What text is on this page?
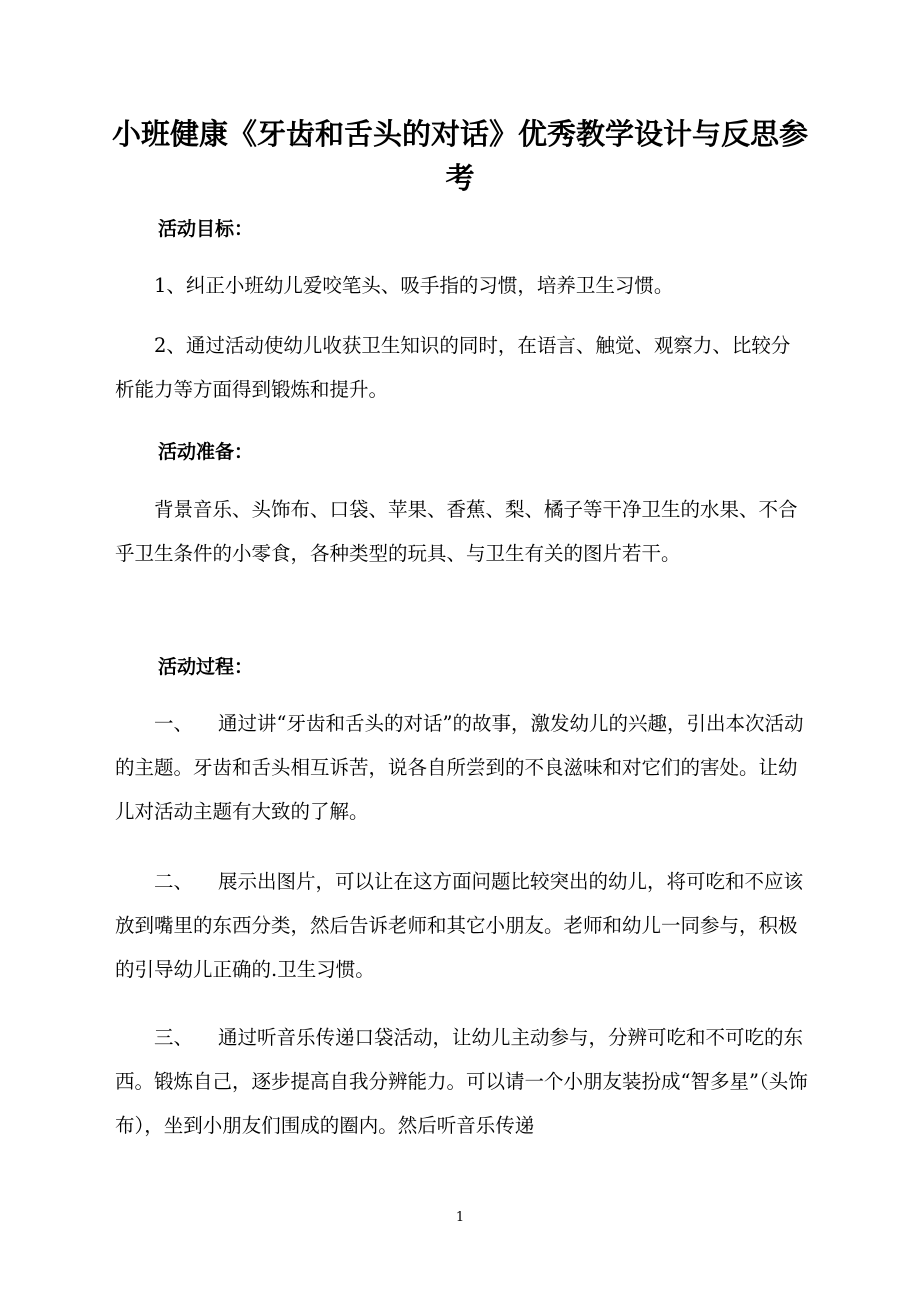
小班健康《牙齿和舌头的对话》优秀教学设计与反思参考
活动目标：

1、纠正小班幼儿爱咬笔头、吸手指的习惯，培养卫生习惯。

2、通过活动使幼儿收获卫生知识的同时，在语言、触觉、观察力、比较分析能力等方面得到锻炼和提升。

活动准备：

背景音乐、头饰布、口袋、苹果、香蕉、梨、橘子等干净卫生的水果、不合乎卫生条件的小零食，各种类型的玩具、与卫生有关的图片若干。

活动过程：

一、 通过讲“牙齿和舌头的对话”的故事，激发幼儿的兴趣，引出本次活动的主题。牙齿和舌头相互诉苦，说各自所尝到的不良滋味和对它们的害处。让幼儿对活动主题有大致的了解。

二、 展示出图片，可以让在这方面问题比较突出的幼儿，将可吃和不应该放到嘴里的东西分类，然后告诉老师和其它小朋友。老师和幼儿一同参与，积极的引导幼儿正确的.卫生习惯。

三、 通过听音乐传递口袋活动，让幼儿主动参与，分辨可吃和不可吃的东西。锻炼自己，逐步提高自我分辨能力。可以请一个小朋友装扮成“智多星”（头饰布），坐到小朋友们围成的圈内。然后听音乐传递

1
